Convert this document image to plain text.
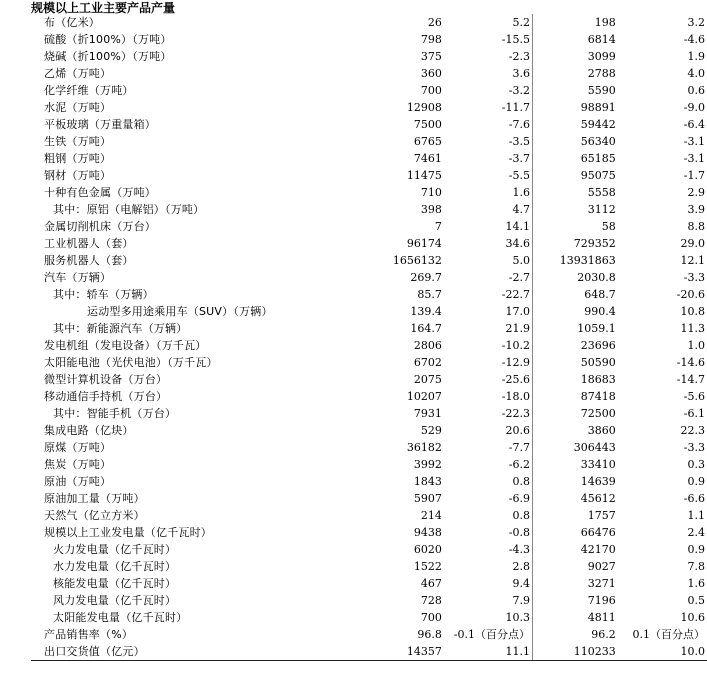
规模以上工业主要产品产量
布（亿米）	26	5.2	198	3.2
硫酸（折100%）（万吨）	798	-15.5	6814	-4.6
烧碱（折100%）（万吨）	375	-2.3	3099	1.9
乙烯（万吨）	360	3.6	2788	4.0
化学纤维（万吨）	700	-3.2	5590	0.6
水泥（万吨）	12908	-11.7	98891	-9.0
平板玻璃（万重量箱）	7500	-7.6	59442	-6.4
生铁（万吨）	6765	-3.5	56340	-3.1
粗钢（万吨）	7461	-3.7	65185	-3.1
钢材（万吨）	11475	-5.5	95075	-1.7
十种有色金属（万吨）	710	1.6	5558	2.9
其中：原铝（电解铝）（万吨）	398	4.7	3112	3.9
金属切削机床（万台）	7	14.1	58	8.8
工业机器人（套）	96174	34.6	729352	29.0
服务机器人（套）	1656132	5.0	13931863	12.1
汽车（万辆）	269.7	-2.7	2030.8	-3.3
其中：轿车（万辆）	85.7	-22.7	648.7	-20.6
运动型多用途乘用车（SUV）（万辆）	139.4	17.0	990.4	10.8
其中：新能源汽车（万辆）	164.7	21.9	1059.1	11.3
发电机组（发电设备）（万千瓦）	2806	-10.2	23696	1.0
太阳能电池（光伏电池）（万千瓦）	6702	-12.9	50590	-14.6
微型计算机设备（万台）	2075	-25.6	18683	-14.7
移动通信手持机（万台）	10207	-18.0	87418	-5.6
其中：智能手机（万台）	7931	-22.3	72500	-6.1
集成电路（亿块）	529	20.6	3860	22.3
原煤（万吨）	36182	-7.7	306443	-3.3
焦炭（万吨）	3992	-6.2	33410	0.3
原油（万吨）	1843	0.8	14639	0.9
原油加工量（万吨）	5907	-6.9	45612	-6.6
天然气（亿立方米）	214	0.8	1757	1.1
规模以上工业发电量（亿千瓦时）	9438	-0.8	66476	2.4
火力发电量（亿千瓦时）	6020	-4.3	42170	0.9
水力发电量（亿千瓦时）	1522	2.8	9027	7.8
核能发电量（亿千瓦时）	467	9.4	3271	1.6
风力发电量（亿千瓦时）	728	7.9	7196	0.5
太阳能发电量（亿千瓦时）	700	10.3	4811	10.6
产品销售率（%）	96.8	-0.1（百分点）	96.2	0.1（百分点）
出口交货值（亿元）	14357	11.1	110233	10.0
